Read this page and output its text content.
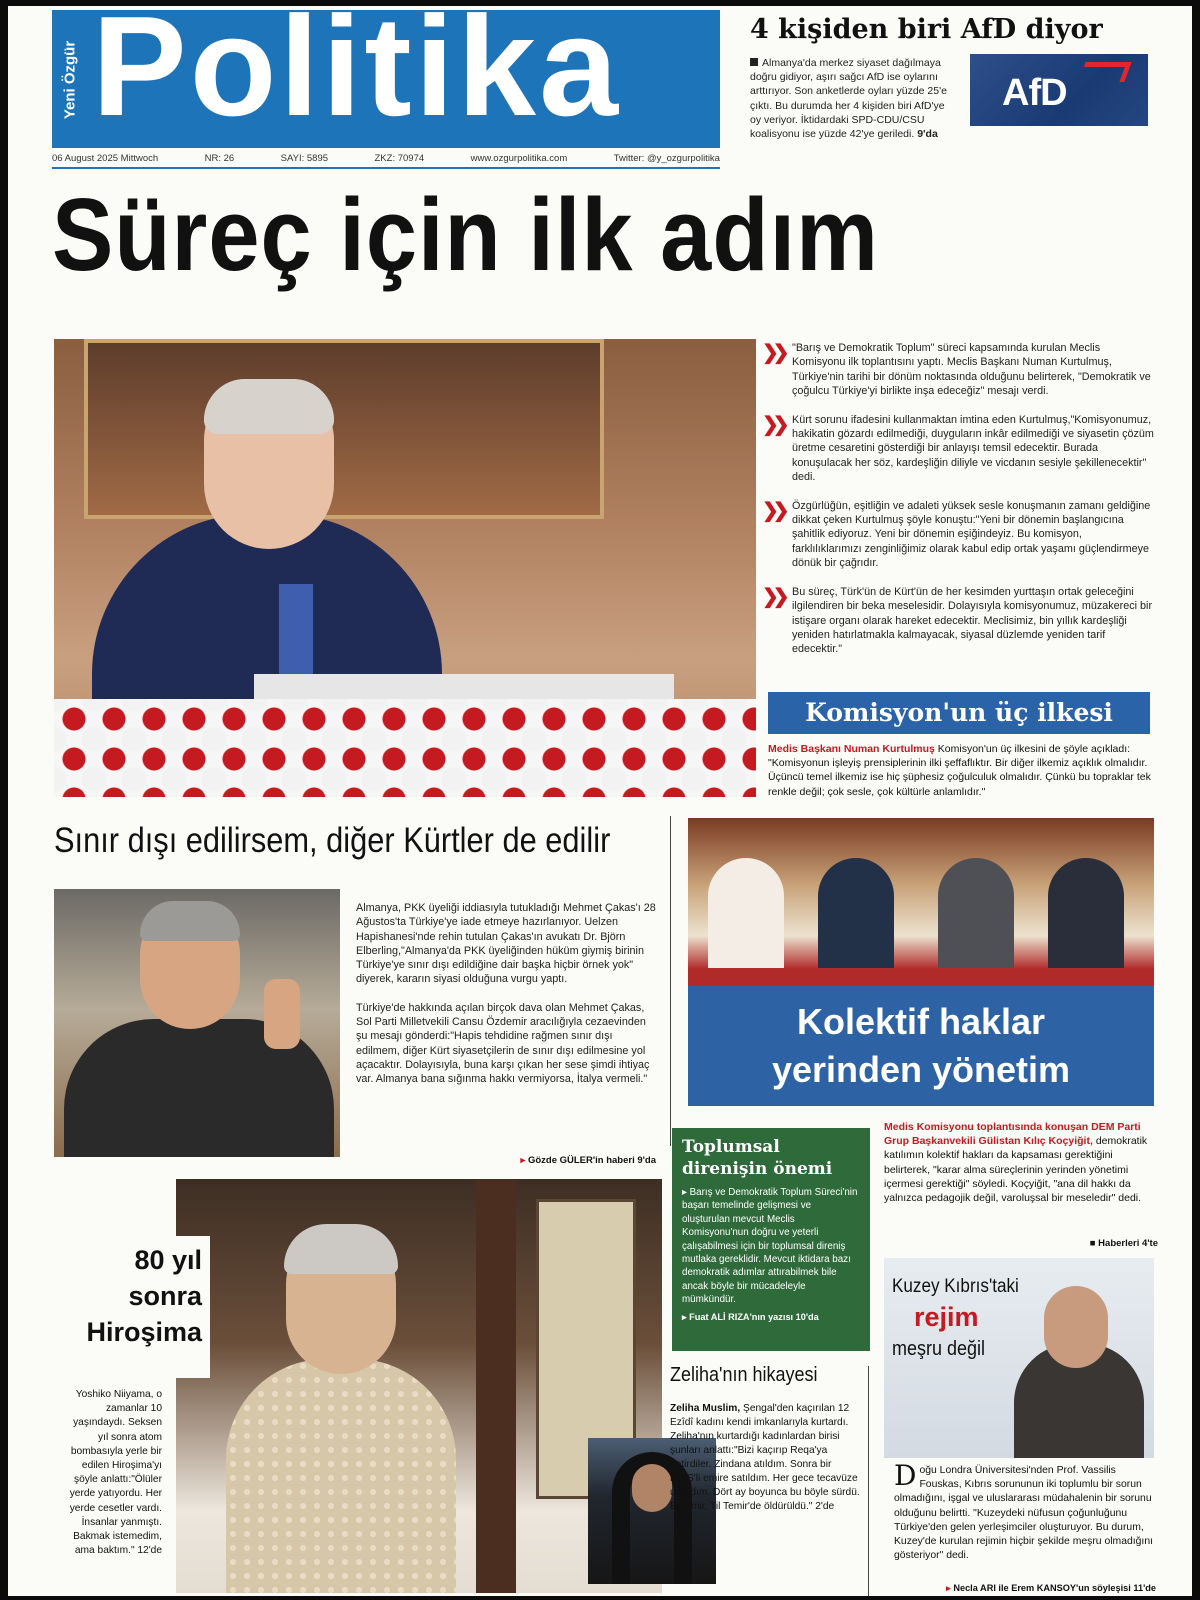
Yeni Özgür Politika
06 August 2025 Mittwoch	NR: 26	SAYI: 5895	ZKZ: 70974	www.ozgurpolitika.com	Twitter: @y_ozgurpolitika
4 kişiden biri AfD diyor
Almanya'da merkez siyaset dağılmaya doğru gidiyor, aşırı sağcı AfD ise oylarını arttırıyor. Son anketlerde oyları yüzde 25'e çıktı. Bu durumda her 4 kişiden biri AfD'ye oy veriyor. İktidardaki SPD-CDU/CSU koalisyonu ise yüzde 42'ye geriledi. 9'da
AfD
Süreç için ilk adım
❯❯ "Barış ve Demokratik Toplum" süreci kapsamında kurulan Meclis Komisyonu ilk toplantısını yaptı. Meclis Başkanı Numan Kurtulmuş, Türkiye'nin tarihi bir dönüm noktasında olduğunu belirterek, "Demokratik ve çoğulcu Türkiye'yi birlikte inşa edeceğiz" mesajı verdi.
❯❯ Kürt sorunu ifadesini kullanmaktan imtina eden Kurtulmuş,"Komisyonumuz, hakikatin gözardı edilmediği, duyguların inkâr edilmediği ve siyasetin çözüm üretme cesaretini gösterdiği bir anlayışı temsil edecektir. Burada konuşulacak her söz, kardeşliğin diliyle ve vicdanın sesiyle şekillenecektir" dedi.
❯❯ Özgürlüğün, eşitliğin ve adaleti yüksek sesle konuşmanın zamanı geldiğine dikkat çeken Kurtulmuş şöyle konuştu:"Yeni bir dönemin başlangıcına şahitlik ediyoruz. Yeni bir dönemin eşiğindeyiz. Bu komisyon, farklılıklarımızı zenginliğimiz olarak kabul edip ortak yaşamı güçlendirmeye dönük bir çağrıdır.
❯❯ Bu süreç, Türk'ün de Kürt'ün de her kesimden yurttaşın ortak geleceğini ilgilendiren bir beka meselesidir. Dolayısıyla komisyonumuz, müzakereci bir istişare organı olarak hareket edecektir. Meclisimiz, bin yıllık kardeşliği yeniden hatırlatmakla kalmayacak, siyasal düzlemde yeniden tarif edecektir."
Komisyon'un üç ilkesi
Medis Başkanı Numan Kurtulmuş Komisyon'un üç ilkesini de şöyle açıkladı: "Komisyonun işleyiş prensiplerinin ilki şeffaflıktır. Bir diğer ilkemiz açıklık olmalıdır. Üçüncü temel ilkemiz ise hiç şüphesiz çoğulculuk olmalıdır. Çünkü bu topraklar tek renkle değil; çok sesle, çok kültürle anlamlıdır."
Sınır dışı edilirsem, diğer Kürtler de edilir

Almanya, PKK üyeliği iddiasıyla tutukladığı Mehmet Çakas'ı 28 Ağustos'ta Türkiye'ye iade etmeye hazırlanıyor. Uelzen Hapishanesi'nde rehin tutulan Çakas'ın avukatı Dr. Björn Elberling,"Almanya'da PKK üyeliğinden hüküm giymiş birinin Türkiye'ye sınır dışı edildiğine dair başka hiçbir örnek yok" diyerek, kararın siyasi olduğuna vurgu yaptı.

Türkiye'de hakkında açılan birçok dava olan Mehmet Çakas, Sol Parti Milletvekili Cansu Özdemir aracılığıyla cezaevinden şu mesajı gönderdi:"Hapis tehdidine rağmen sınır dışı edilmem, diğer Kürt siyasetçilerin de sınır dışı edilmesine yol açacaktır. Dolayısıyla, buna karşı çıkan her sese şimdi ihtiyaç var. Almanya bana sığınma hakkı vermiyorsa, İtalya vermeli."

▸ Gözde GÜLER'in haberi 9'da
Kolektif haklar
yerinden yönetim
Toplumsal direnişin önemi
▸ Barış ve Demokratik Toplum Süreci'nin başarı temelinde gelişmesi ve oluşturulan mevcut Meclis Komisyonu'nun doğru ve yeterli çalışabilmesi için bir toplumsal direniş mutlaka gereklidir. Mevcut iktidara bazı demokratik adımlar attırabilmek bile ancak böyle bir mücadeleyle mümkündür.
▸ Fuat ALİ RIZA'nın yazısı 10'da
Medis Komisyonu toplantısında konuşan DEM Parti Grup Başkanvekili Gülistan Kılıç Koçyiğit, demokratik katılımın kolektif hakları da kapsaması gerektiğini belirterek, "karar alma süreçlerinin yerinden yönetimi içermesi gerektiği" söyledi. Koçyiğit, "ana dil hakkı da yalnızca pedagojik değil, varoluşsal bir meseledir" dedi.
■ Haberleri 4'te
80 yıl
sonra
Hiroşima
Yoshiko Niiyama, o zamanlar 10 yaşındaydı. Seksen yıl sonra atom bombasıyla yerle bir edilen Hiroşima'yı şöyle anlattı:"Ölüler yerde yatıyordu. Her yerde cesetler vardı. İnsanlar yanmıştı. Bakmak istemedim, ama baktım." 12'de
Zeliha'nın hikayesi
Zeliha Muslim, Şengal'den kaçırılan 12 Ezîdî kadını kendi imkanlarıyla kurtardı. Zeliha'nın kurtardığı kadınlardan birisi şunları anlattı:"Bizi kaçırıp Reqa'ya getirdiler. Zindana atıldım. Sonra bir DAİŞ'li emire satıldım. Her gece tecavüze uğradım. Dört ay boyunca bu böyle sürdü. Bu emir, Til Temir'de öldürüldü." 2'de
Kuzey Kıbrıs'taki
rejim
meşru değil
Doğu Londra Üniversitesi'nden Prof. Vassilis Fouskas, Kıbrıs sorununun iki toplumlu bir sorun olmadığını, işgal ve uluslararası müdahalenin bir sorunu olduğunu belirtti. "Kuzeydeki nüfusun çoğunluğunu Türkiye'den gelen yerleşimciler oluşturuyor. Bu durum, Kuzey'de kurulan rejimin hiçbir şekilde meşru olmadığını gösteriyor" dedi.
▸ Necla ARI ile Erem KANSOY'un söyleşisi 11'de
